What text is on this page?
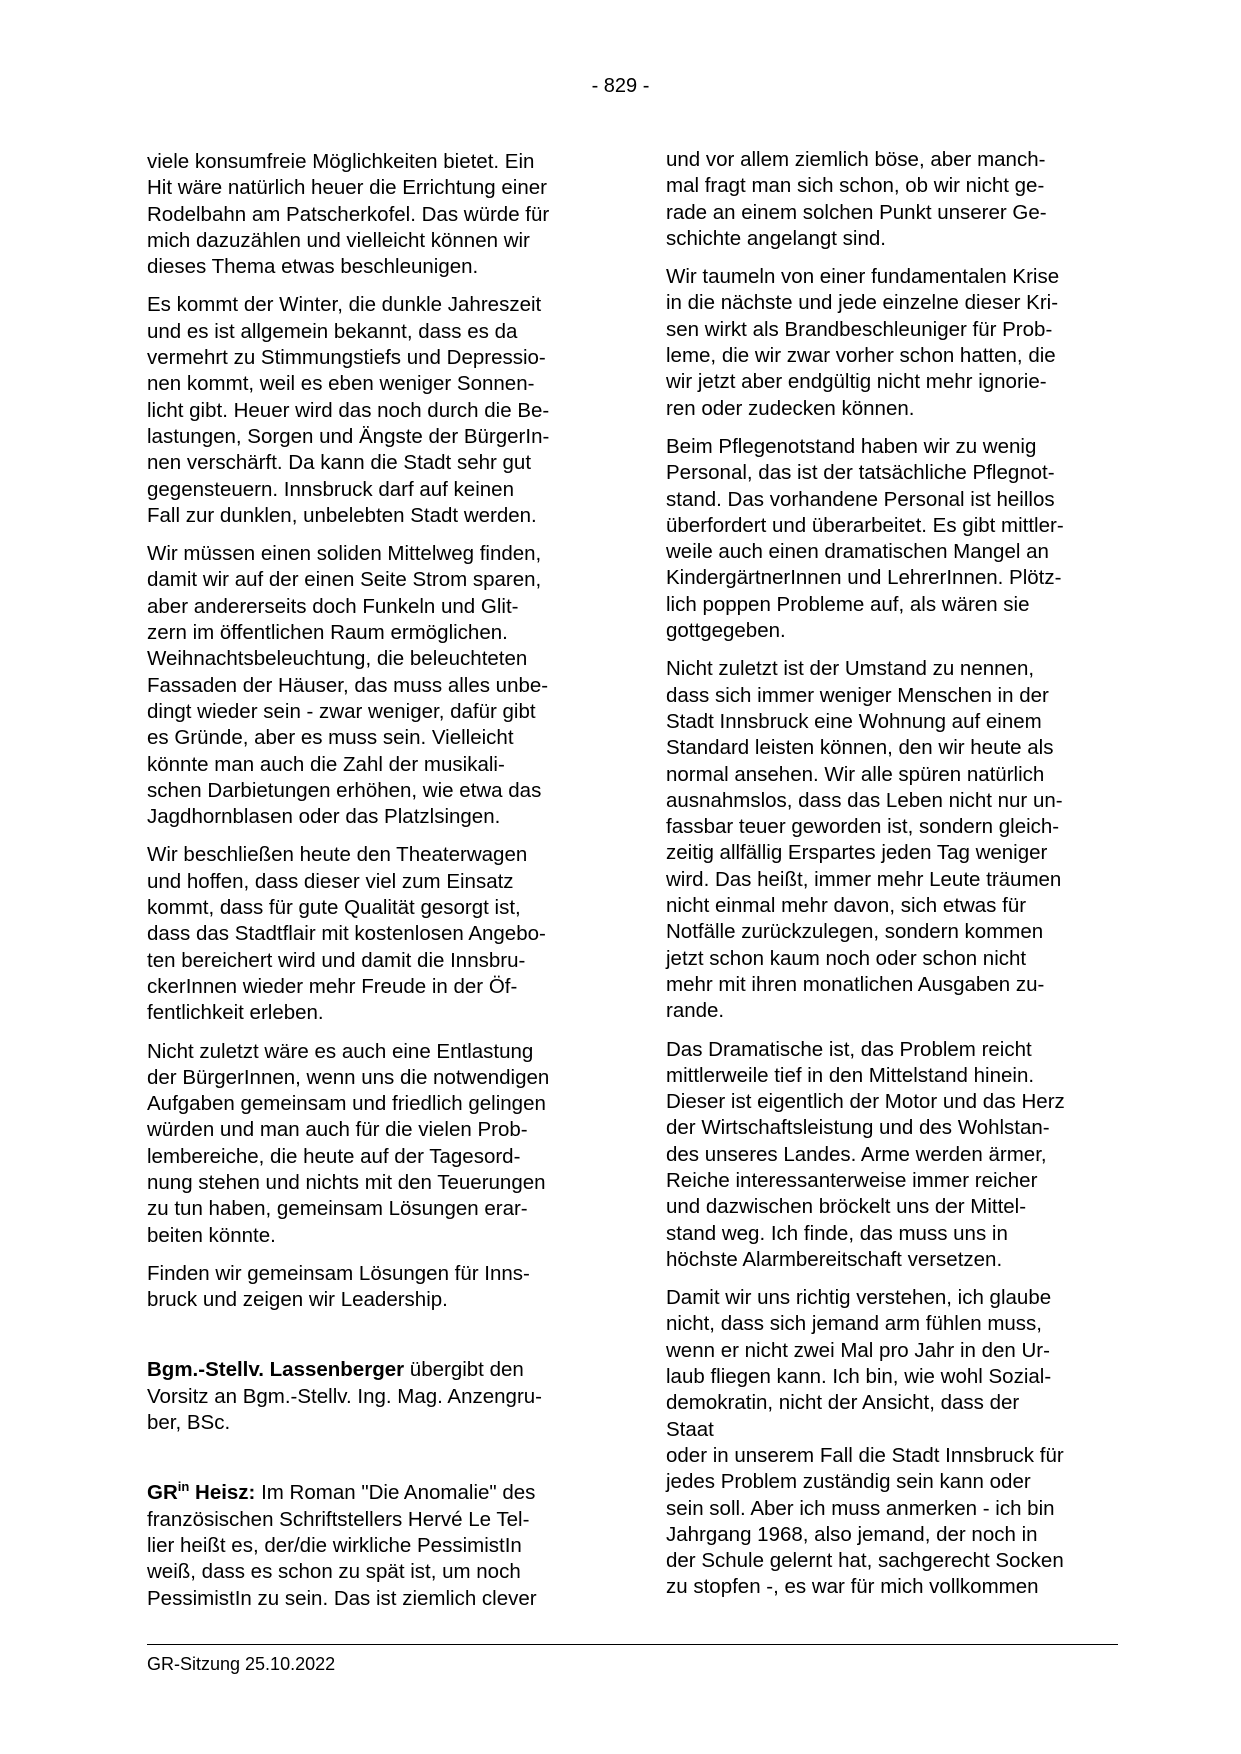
- 829 -

viele konsumfreie Möglichkeiten bietet. Ein
Hit wäre natürlich heuer die Errichtung einer
Rodelbahn am Patscherkofel. Das würde für
mich dazuzählen und vielleicht können wir
dieses Thema etwas beschleunigen.

Es kommt der Winter, die dunkle Jahreszeit
und es ist allgemein bekannt, dass es da
vermehrt zu Stimmungstiefs und Depressio-
nen kommt, weil es eben weniger Sonnen-
licht gibt. Heuer wird das noch durch die Be-
lastungen, Sorgen und Ängste der BürgerIn-
nen verschärft. Da kann die Stadt sehr gut
gegensteuern. Innsbruck darf auf keinen
Fall zur dunklen, unbelebten Stadt werden.

Wir müssen einen soliden Mittelweg finden,
damit wir auf der einen Seite Strom sparen,
aber andererseits doch Funkeln und Glit-
zern im öffentlichen Raum ermöglichen.
Weihnachtsbeleuchtung, die beleuchteten
Fassaden der Häuser, das muss alles unbe-
dingt wieder sein - zwar weniger, dafür gibt
es Gründe, aber es muss sein. Vielleicht
könnte man auch die Zahl der musikali-
schen Darbietungen erhöhen, wie etwa das
Jagdhornblasen oder das Platzlsingen.

Wir beschließen heute den Theaterwagen
und hoffen, dass dieser viel zum Einsatz
kommt, dass für gute Qualität gesorgt ist,
dass das Stadtflair mit kostenlosen Angebo-
ten bereichert wird und damit die Innsbru-
ckerInnen wieder mehr Freude in der Öf-
fentlichkeit erleben.

Nicht zuletzt wäre es auch eine Entlastung
der BürgerInnen, wenn uns die notwendigen
Aufgaben gemeinsam und friedlich gelingen
würden und man auch für die vielen Prob-
lembereiche, die heute auf der Tagesord-
nung stehen und nichts mit den Teuerungen
zu tun haben, gemeinsam Lösungen erar-
beiten könnte.

Finden wir gemeinsam Lösungen für Inns-
bruck und zeigen wir Leadership.

Bgm.-Stellv. Lassenberger übergibt den
Vorsitz an Bgm.-Stellv. Ing. Mag. Anzengru-
ber, BSc.

$GR^{in}$ Heisz: Im Roman "Die Anomalie" des
französischen Schriftstellers Hervé Le Tel-
lier heißt es, der/die wirkliche PessimistIn
weiß, dass es schon zu spät ist, um noch
PessimistIn zu sein. Das ist ziemlich clever

und vor allem ziemlich böse, aber manch-
mal fragt man sich schon, ob wir nicht ge-
rade an einem solchen Punkt unserer Ge-
schichte angelangt sind.

Wir taumeln von einer fundamentalen Krise
in die nächste und jede einzelne dieser Kri-
sen wirkt als Brandbeschleuniger für Prob-
leme, die wir zwar vorher schon hatten, die
wir jetzt aber endgültig nicht mehr ignorie-
ren oder zudecken können.

Beim Pflegenotstand haben wir zu wenig
Personal, das ist der tatsächliche Pflegnot-
stand. Das vorhandene Personal ist heillos
überfordert und überarbeitet. Es gibt mittler-
weile auch einen dramatischen Mangel an
KindergärtnerInnen und LehrerInnen. Plötz-
lich poppen Probleme auf, als wären sie
gottgegeben.

Nicht zuletzt ist der Umstand zu nennen,
dass sich immer weniger Menschen in der
Stadt Innsbruck eine Wohnung auf einem
Standard leisten können, den wir heute als
normal ansehen. Wir alle spüren natürlich
ausnahmslos, dass das Leben nicht nur un-
fassbar teuer geworden ist, sondern gleich-
zeitig allfällig Erspartes jeden Tag weniger
wird. Das heißt, immer mehr Leute träumen
nicht einmal mehr davon, sich etwas für
Notfälle zurückzulegen, sondern kommen
jetzt schon kaum noch oder schon nicht
mehr mit ihren monatlichen Ausgaben zu-
rande.

Das Dramatische ist, das Problem reicht
mittlerweile tief in den Mittelstand hinein.
Dieser ist eigentlich der Motor und das Herz
der Wirtschaftsleistung und des Wohlstan-
des unseres Landes. Arme werden ärmer,
Reiche interessanterweise immer reicher
und dazwischen bröckelt uns der Mittel-
stand weg. Ich finde, das muss uns in
höchste Alarmbereitschaft versetzen.

Damit wir uns richtig verstehen, ich glaube
nicht, dass sich jemand arm fühlen muss,
wenn er nicht zwei Mal pro Jahr in den Ur-
laub fliegen kann. Ich bin, wie wohl Sozial-
demokratin, nicht der Ansicht, dass der
Staat
oder in unserem Fall die Stadt Innsbruck für
jedes Problem zuständig sein kann oder
sein soll. Aber ich muss anmerken - ich bin
Jahrgang 1968, also jemand, der noch in
der Schule gelernt hat, sachgerecht Socken
zu stopfen -, es war für mich vollkommen

GR-Sitzung 25.10.2022
